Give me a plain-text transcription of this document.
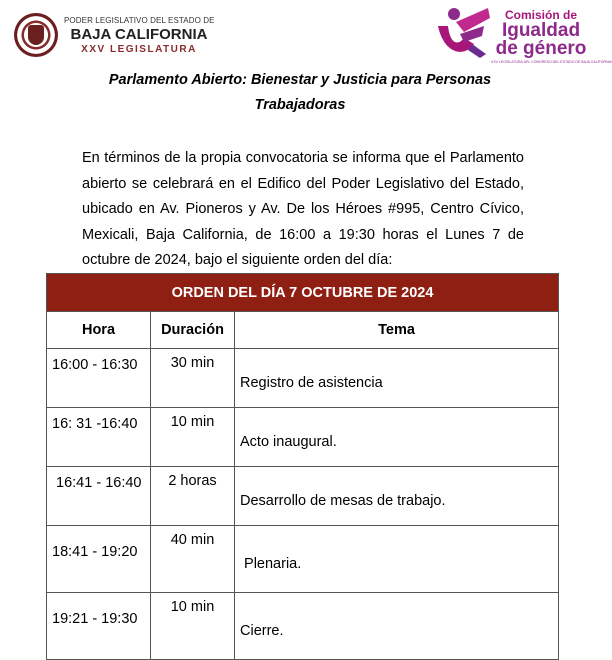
PODER LEGISLATIVO DEL ESTADO DE
BAJA CALIFORNIA
XXV LEGISLATURA
Comisión de
Igualdad
de género
XXV LEGISLATURA DEL CONGRESO DEL ESTADO DE BAJA CALIFORNIA
Parlamento Abierto: Bienestar y Justicia para Personas
Trabajadoras
En términos de la propia convocatoria se informa que el Parlamento abierto se celebrará en el Edifico del Poder Legislativo del Estado, ubicado en Av. Pioneros y Av. De los Héroes #995, Centro Cívico, Mexicali, Baja California, de 16:00 a 19:30 horas el Lunes 7 de octubre de 2024, bajo el siguiente orden del día:
ORDEN DEL DÍA 7 OCTUBRE DE 2024		
Hora	Duración	Tema
16:00 - 16:30	30 min	Registro de asistencia
16: 31 -16:40	10 min	Acto inaugural.
16:41 - 16:40	2 horas	Desarrollo de mesas de trabajo.
18:41 - 19:20	40 min	Plenaria.
19:21 - 19:30	10 min	Cierre.
